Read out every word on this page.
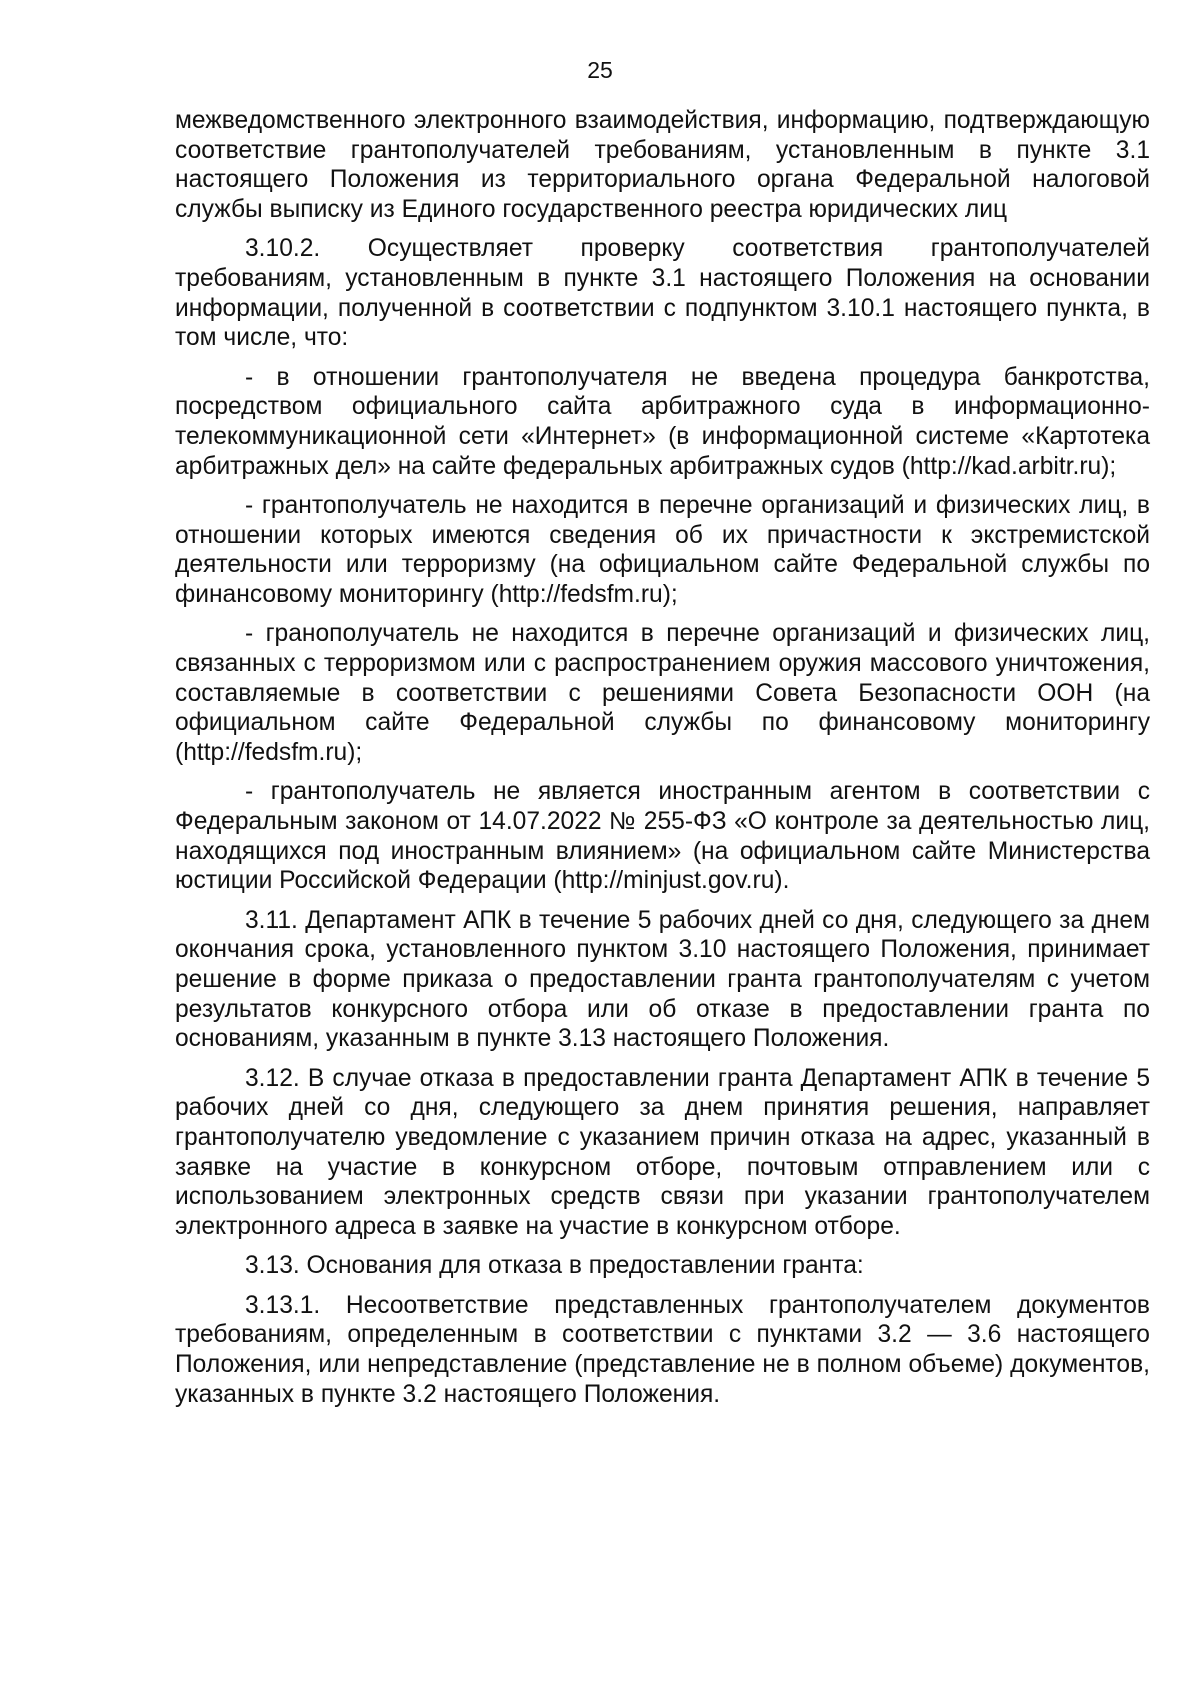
25

межведомственного электронного взаимодействия, информацию, подтверждающую соответствие грантополучателей требованиям, установленным в пункте 3.1 настоящего Положения из территориального органа Федеральной налоговой службы выписку из Единого государственного реестра юридических лиц

3.10.2. Осуществляет проверку соответствия грантополучателей требованиям, установленным в пункте 3.1 настоящего Положения на основании информации, полученной в соответствии с подпунктом 3.10.1 настоящего пункта, в том числе, что:

- в отношении грантополучателя не введена процедура банкротства, посредством официального сайта арбитражного суда в информационно-телекоммуникационной сети «Интернет» (в информационной системе «Картотека арбитражных дел» на сайте федеральных арбитражных судов (http://kad.arbitr.ru);

- грантополучатель не находится в перечне организаций и физических лиц, в отношении которых имеются сведения об их причастности к экстремистской деятельности или терроризму (на официальном сайте Федеральной службы по финансовому мониторингу (http://fedsfm.ru);

- гранополучатель не находится в перечне организаций и физических лиц, связанных с терроризмом или с распространением оружия массового уничтожения, составляемые в соответствии с решениями Совета Безопасности ООН (на официальном сайте Федеральной службы по финансовому мониторингу (http://fedsfm.ru);

- грантополучатель не является иностранным агентом в соответствии с Федеральным законом от 14.07.2022 № 255-ФЗ «О контроле за деятельностью лиц, находящихся под иностранным влиянием» (на официальном сайте Министерства юстиции Российской Федерации (http://minjust.gov.ru).

3.11. Департамент АПК в течение 5 рабочих дней со дня, следующего за днем окончания срока, установленного пунктом 3.10 настоящего Положения, принимает решение в форме приказа о предоставлении гранта грантополучателям с учетом результатов конкурсного отбора или об отказе в предоставлении гранта по основаниям, указанным в пункте 3.13 настоящего Положения.

3.12. В случае отказа в предоставлении гранта Департамент АПК в течение 5 рабочих дней со дня, следующего за днем принятия решения, направляет грантополучателю уведомление с указанием причин отказа на адрес, указанный в заявке на участие в конкурсном отборе, почтовым отправлением или с использованием электронных средств связи при указании грантополучателем электронного адреса в заявке на участие в конкурсном отборе.

3.13. Основания для отказа в предоставлении гранта:

3.13.1. Несоответствие представленных грантополучателем документов требованиям, определенным в соответствии с пунктами 3.2 — 3.6 настоящего Положения, или непредставление (представление не в полном объеме) документов, указанных в пункте 3.2 настоящего Положения.
